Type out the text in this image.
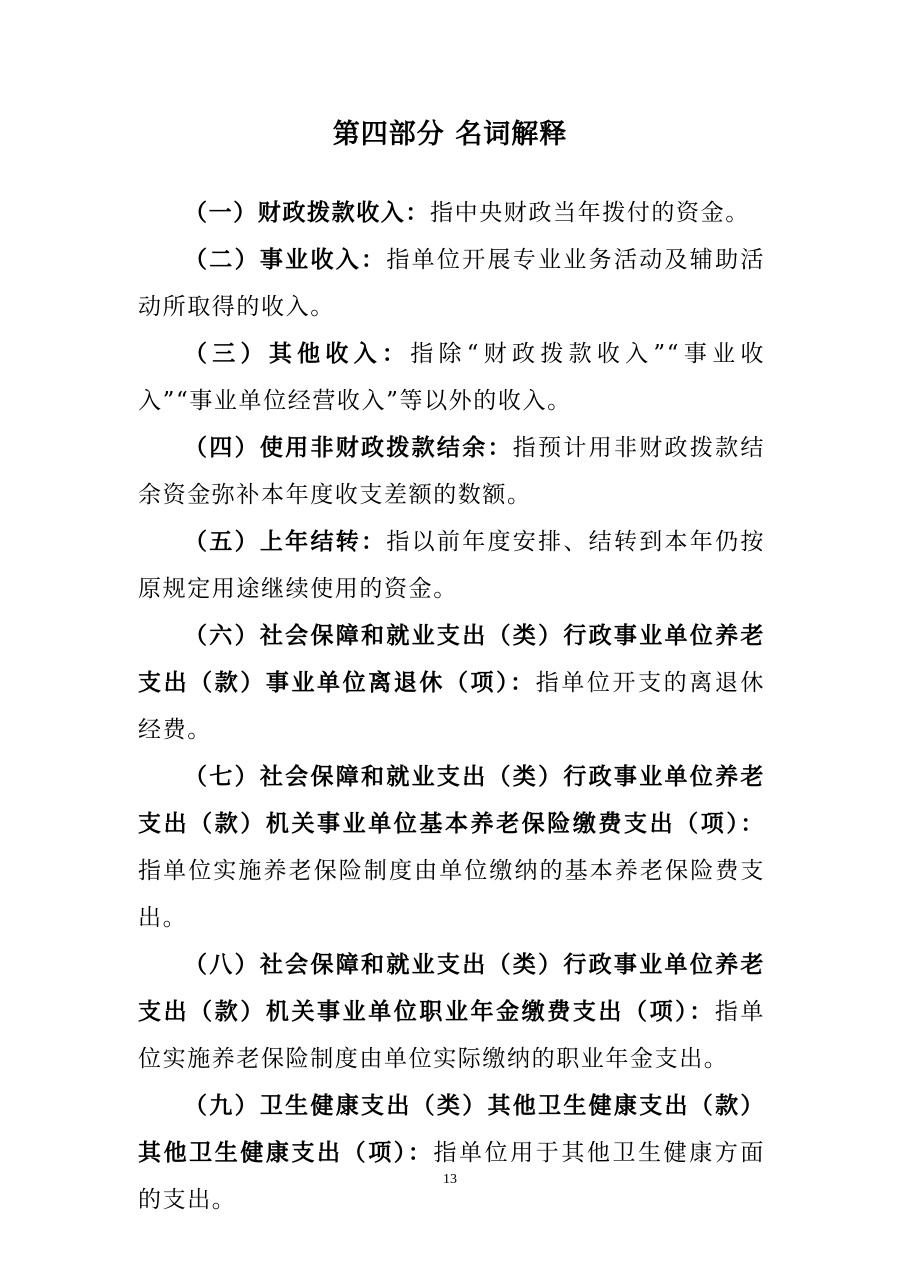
第四部分 名词解释

（一）财政拨款收入：指中央财政当年拨付的资金。

（二）事业收入：指单位开展专业业务活动及辅助活动所取得的收入。

（三）其他收入：指除“财政拨款收入”“事业收入”“事业单位经营收入”等以外的收入。

（四）使用非财政拨款结余：指预计用非财政拨款结余资金弥补本年度收支差额的数额。

（五）上年结转：指以前年度安排、结转到本年仍按原规定用途继续使用的资金。

（六）社会保障和就业支出（类）行政事业单位养老支出（款）事业单位离退休（项）：指单位开支的离退休经费。

（七）社会保障和就业支出（类）行政事业单位养老支出（款）机关事业单位基本养老保险缴费支出（项）：指单位实施养老保险制度由单位缴纳的基本养老保险费支出。

（八）社会保障和就业支出（类）行政事业单位养老支出（款）机关事业单位职业年金缴费支出（项）：指单位实施养老保险制度由单位实际缴纳的职业年金支出。

（九）卫生健康支出（类）其他卫生健康支出（款）其他卫生健康支出（项）：指单位用于其他卫生健康方面的支出。

13
